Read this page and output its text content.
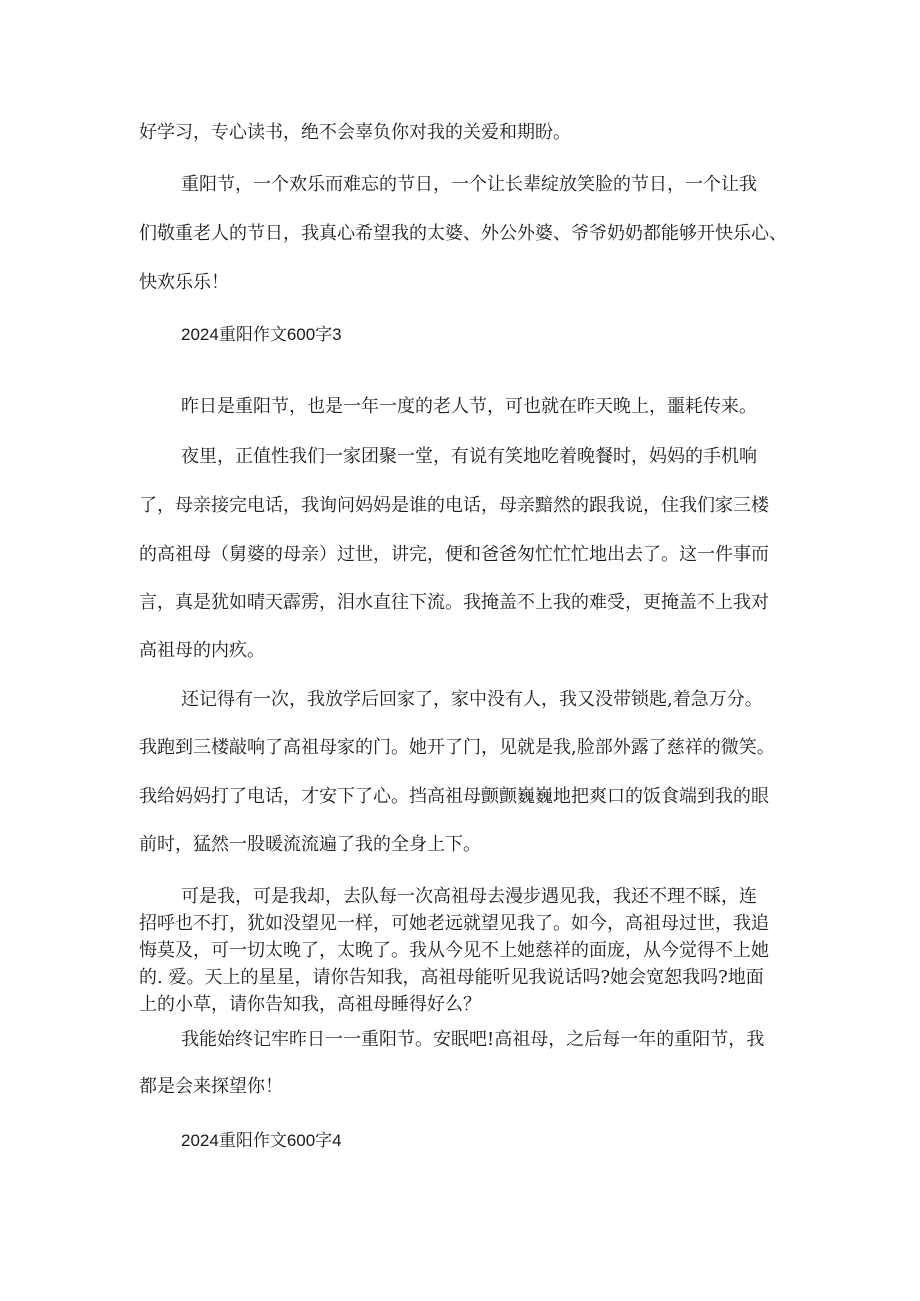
好学习，专心读书，绝不会辜负你对我的关爱和期盼。
重阳节，一个欢乐而难忘的节日，一个让长辈绽放笑脸的节日，一个让我
们敬重老人的节日，我真心希望我的太婆、外公外婆、爷爷奶奶都能够开快乐心、
快欢乐乐！
2024重阳作文600字3
昨日是重阳节，也是一年一度的老人节，可也就在昨天晚上，噩耗传来。
夜里，正值性我们一家团聚一堂，有说有笑地吃着晚餐时，妈妈的手机响
了，母亲接完电话，我询问妈妈是谁的电话，母亲黯然的跟我说，住我们家三楼
的高祖母（舅婆的母亲）过世，讲完，便和爸爸匆忙忙忙地出去了。这一件事而
言，真是犹如晴天霹雳，泪水直往下流。我掩盖不上我的难受，更掩盖不上我对
高祖母的内疚。
还记得有一次，我放学后回家了，家中没有人，我又没带锁匙,着急万分。
我跑到三楼敲响了高祖母家的门。她开了门，见就是我,脸部外露了慈祥的微笑。
我给妈妈打了电话，才安下了心。挡高祖母颤颤巍巍地把爽口的饭食端到我的眼
前时，猛然一股暖流流遍了我的全身上下。
可是我，可是我却，去队每一次高祖母去漫步遇见我，我还不理不睬，连
招呼也不打，犹如没望见一样，可她老远就望见我了。如今，高祖母过世，我追
悔莫及，可一切太晚了，太晚了。我从今见不上她慈祥的面庞，从今觉得不上她
的. 爱。天上的星星，请你告知我，高祖母能听见我说话吗?她会宽恕我吗?地面
上的小草，请你告知我，高祖母睡得好么？
我能始终记牢昨日一一重阳节。安眠吧!高祖母，之后每一年的重阳节，我
都是会来探望你！
2024重阳作文600字4
